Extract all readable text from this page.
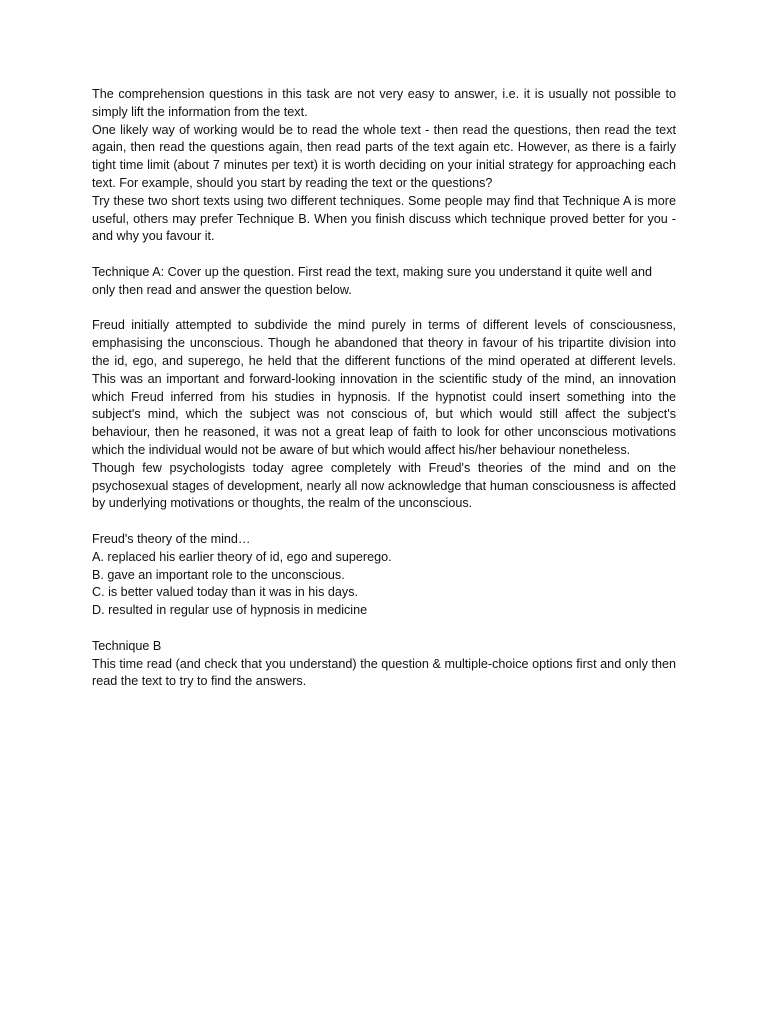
The comprehension questions in this task are not very easy to answer, i.e. it is usually not possible to simply lift the information from the text.

One likely way of working would be to read the whole text - then read the questions, then read the text again, then read the questions again, then read parts of the text again etc. However, as there is a fairly tight time limit (about 7 minutes per text) it is worth deciding on your initial strategy for approaching each text. For example, should you start by reading the text or the questions?

Try these two short texts using two different techniques. Some people may find that Technique A is more useful, others may prefer Technique B. When you finish discuss which technique proved better for you - and why you favour it.

Technique A: Cover up the question. First read the text, making sure you understand it quite well and only then read and answer the question below.

Freud initially attempted to subdivide the mind purely in terms of different levels of consciousness, emphasising the unconscious. Though he abandoned that theory in favour of his tripartite division into the id, ego, and superego, he held that the different functions of the mind operated at different levels. This was an important and forward-looking innovation in the scientific study of the mind, an innovation which Freud inferred from his studies in hypnosis. If the hypnotist could insert something into the subject's mind, which the subject was not conscious of, but which would still affect the subject's behaviour, then he reasoned, it was not a great leap of faith to look for other unconscious motivations which the individual would not be aware of but which would affect his/her behaviour nonetheless.

Though few psychologists today agree completely with Freud's theories of the mind and on the psychosexual stages of development, nearly all now acknowledge that human consciousness is affected by underlying motivations or thoughts, the realm of the unconscious.

Freud's theory of the mind…

A. replaced his earlier theory of id, ego and superego.

B. gave an important role to the unconscious.

C. is better valued today than it was in his days.

D. resulted in regular use of hypnosis in medicine

Technique B

This time read (and check that you understand) the question & multiple-choice options first and only then read the text to try to find the answers.
